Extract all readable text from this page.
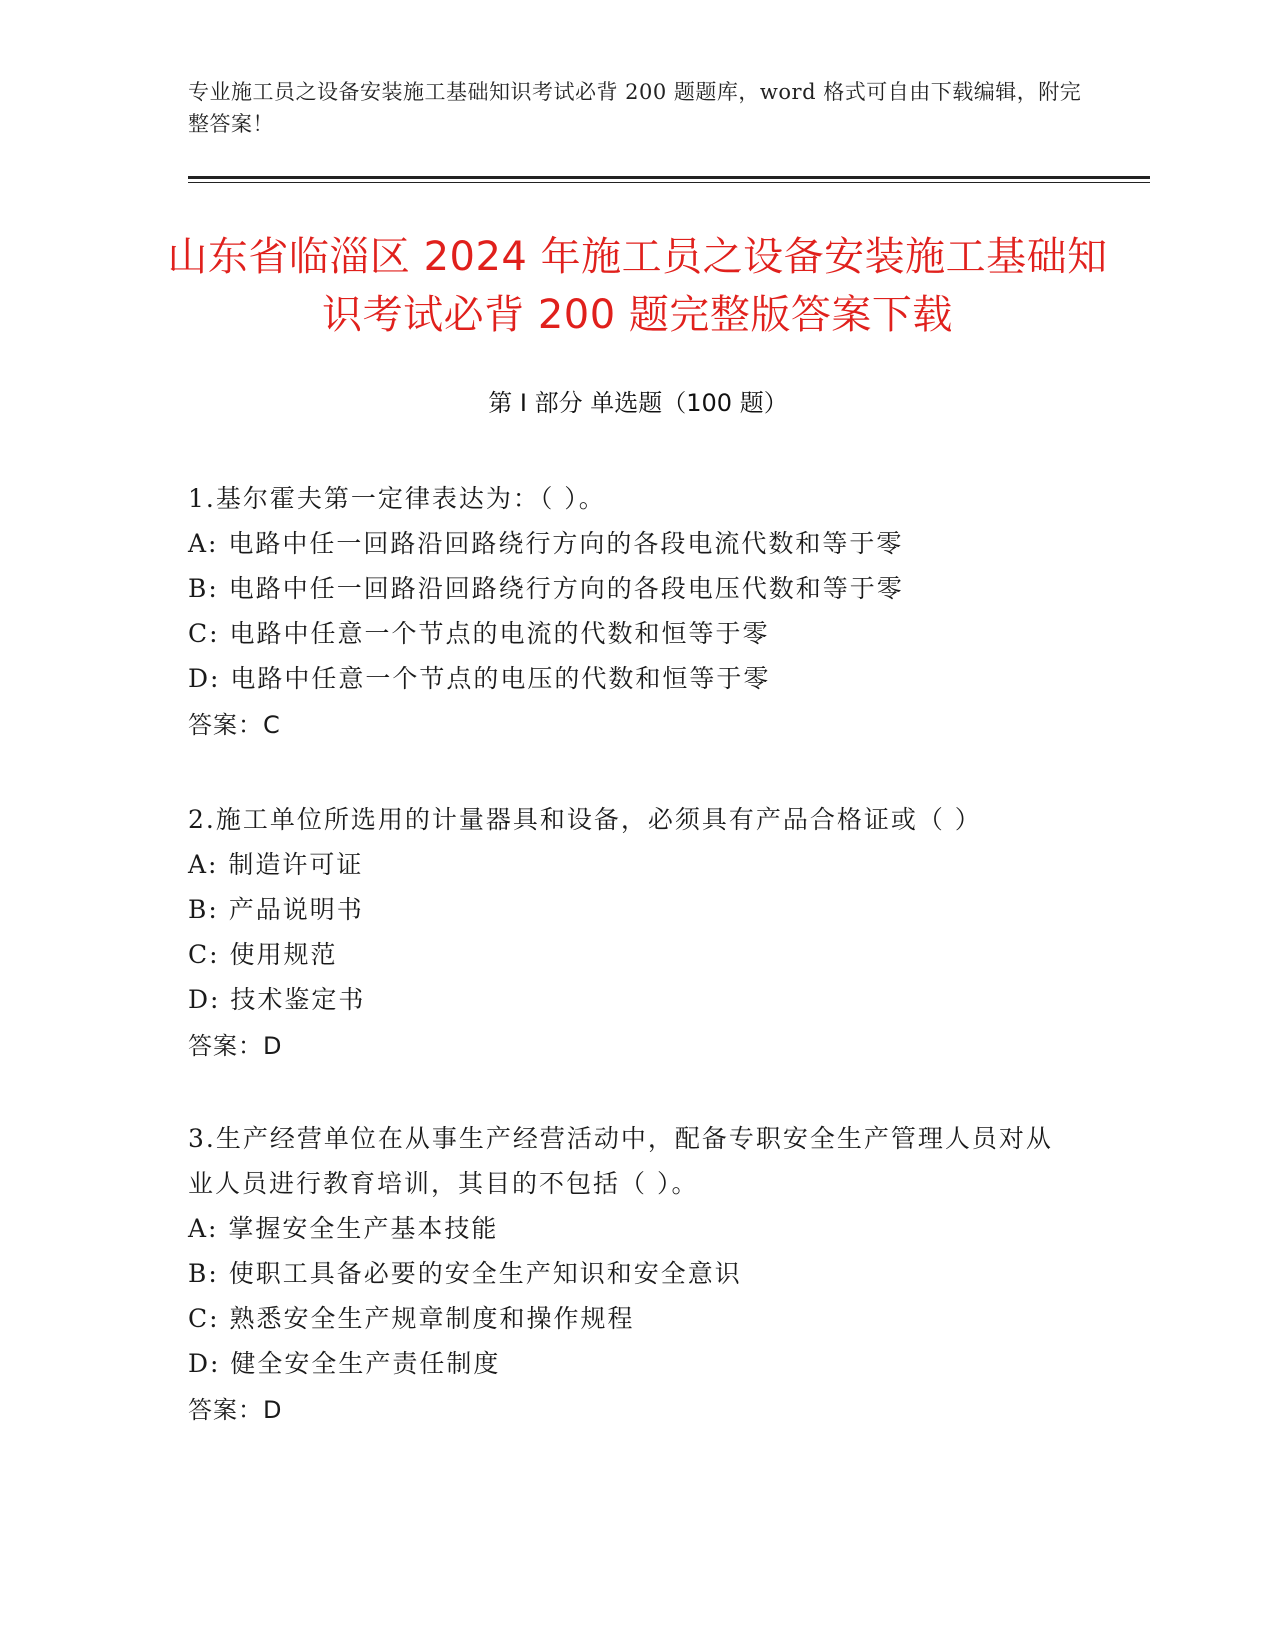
专业施工员之设备安装施工基础知识考试必背 200 题题库，word 格式可自由下载编辑，附完整答案！
山东省临淄区 2024 年施工员之设备安装施工基础知识考试必背 200 题完整版答案下载
第 I 部分 单选题（100 题）
1.基尔霍夫第一定律表达为：（ ）。
A: 电路中任一回路沿回路绕行方向的各段电流代数和等于零
B: 电路中任一回路沿回路绕行方向的各段电压代数和等于零
C: 电路中任意一个节点的电流的代数和恒等于零
D: 电路中任意一个节点的电压的代数和恒等于零
答案：C
2.施工单位所选用的计量器具和设备，必须具有产品合格证或（ ）
A: 制造许可证
B: 产品说明书
C: 使用规范
D: 技术鉴定书
答案：D
3.生产经营单位在从事生产经营活动中，配备专职安全生产管理人员对从业人员进行教育培训，其目的不包括（ ）。
A: 掌握安全生产基本技能
B: 使职工具备必要的安全生产知识和安全意识
C: 熟悉安全生产规章制度和操作规程
D: 健全安全生产责任制度
答案：D
